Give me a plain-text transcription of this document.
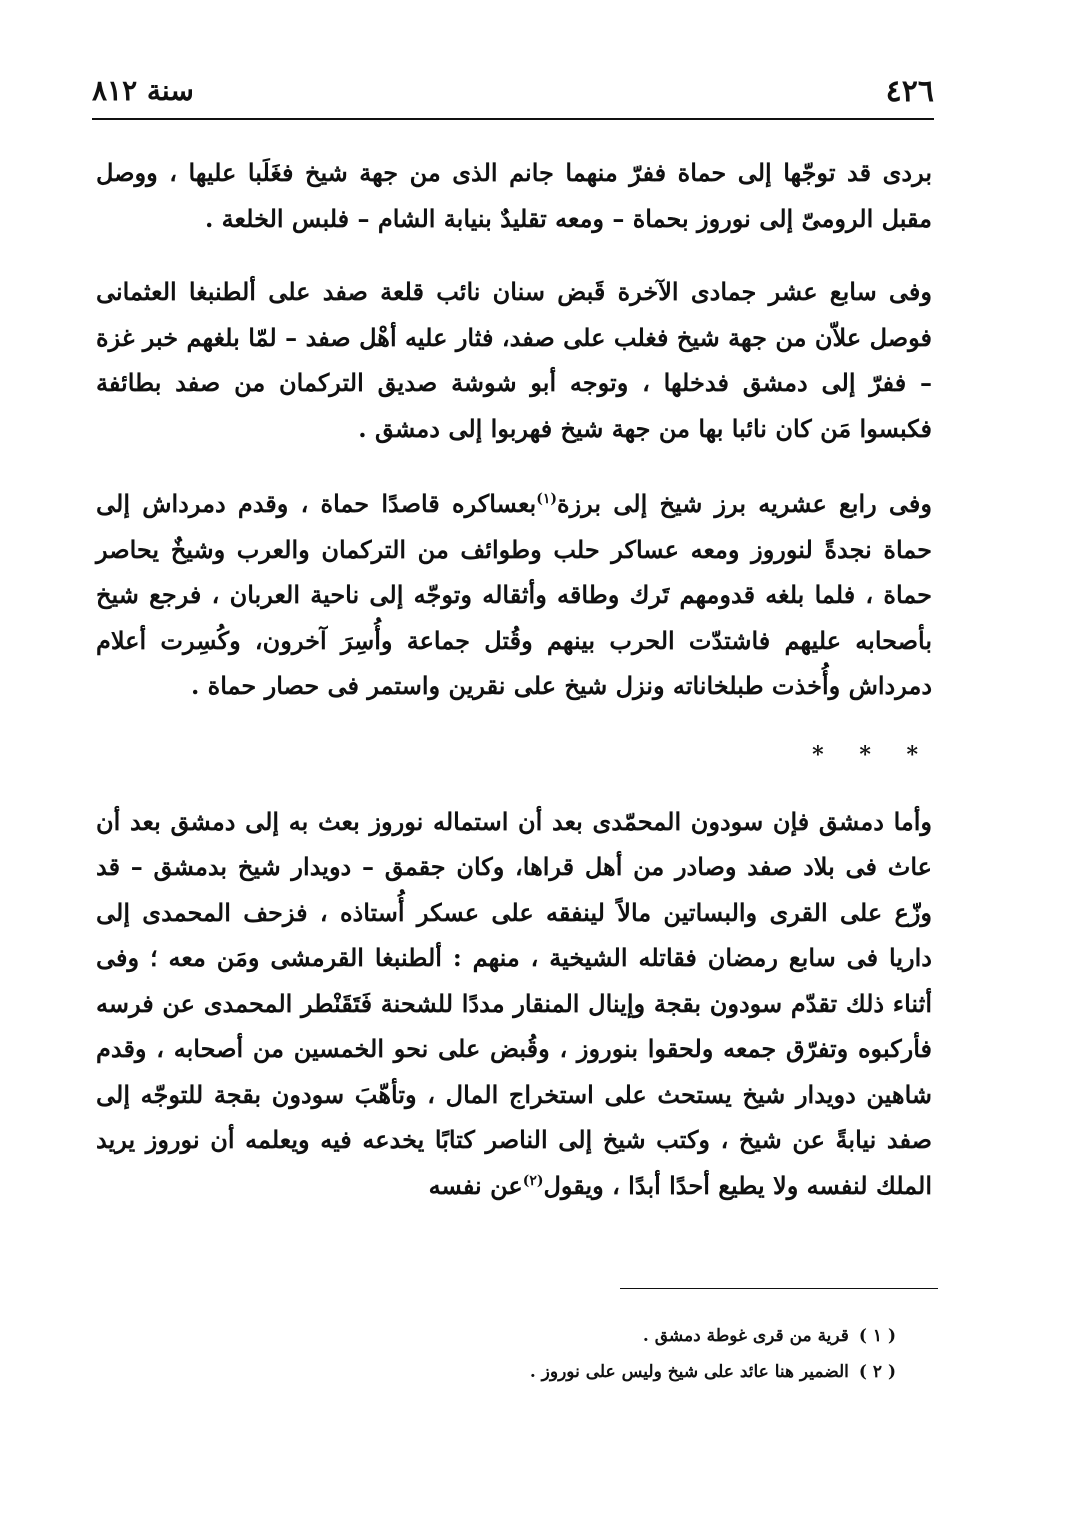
٤٢٦
سنة ٨١٢

بردى قد توجّها إلى حماة ففرّ منهما جانم الذى من جهة شيخ فغَلَبا عليها ، ووصل مقبل الرومىّ إلى نوروز بحماة – ومعه تقليدٌ بنيابة الشام – فلبس الخلعة .

وفى سابع عشر جمادى الآخرة قَبض سنان نائب قلعة صفد على ألطنبغا العثمانى فوصل علاّن من جهة شيخ فغلب على صفد، فثار عليه أهْل صفد – لمّا بلغهم خبر غزة – ففرّ إلى دمشق فدخلها ، وتوجه أبو شوشة صديق التركمان من صفد بطائفة فكبسوا مَن كان نائبا بها من جهة شيخ فهربوا إلى دمشق .

وفى رابع عشريه برز شيخ إلى برزة$^{(١)}$بعساكره قاصدًا حماة ، وقدم دمرداش إلى حماة نجدةً لنوروز ومعه عساكر حلب وطوائف من التركمان والعرب وشيخٌ يحاصر حماة ، فلما بلغه قدومهم تَرك وطاقه وأثقاله وتوجّه إلى ناحية العربان ، فرجع شيخ بأصحابه عليهم فاشتدّت الحرب بينهم وقُتل جماعة وأُسِرَ آخرون، وكُسِرت أعلام دمرداش وأُخذت طبلخاناته ونزل شيخ على نقرين واستمر فى حصار حماة .

* * *

وأما دمشق فإن سودون المحمّدى بعد أن استماله نوروز بعث به إلى دمشق بعد أن عاث فى بلاد صفد وصادر من أهل قراها، وكان جقمق – دويدار شيخ بدمشق – قد وزّع على القرى والبساتين مالاً لينفقه على عسكر أُستاذه ، فزحف المحمدى إلى داريا فى سابع رمضان فقاتله الشيخية ، منهم : ألطنبغا القرمشى ومَن معه ؛ وفى أثناء ذلك تقدّم سودون بقجة وإينال المنقار مددًا للشحنة فَتَقَنْطر المحمدى عن فرسه فأركبوه وتفرّق جمعه ولحقوا بنوروز ، وقُبض على نحو الخمسين من أصحابه ، وقدم شاهين دويدار شيخ يستحث على استخراج المال ، وتأهّبَ سودون بقجة للتوجّه إلى صفد نيابةً عن شيخ ، وكتب شيخ إلى الناصر كتابًا يخدعه فيه ويعلمه أن نوروز يريد الملك لنفسه ولا يطيع أحدًا أبدًا ، ويقول$^{(٢)}$عن نفسه

( ١ )قرية من قرى غوطة دمشق .

( ٢ )الضمير هنا عائد على شيخ وليس على نوروز .
